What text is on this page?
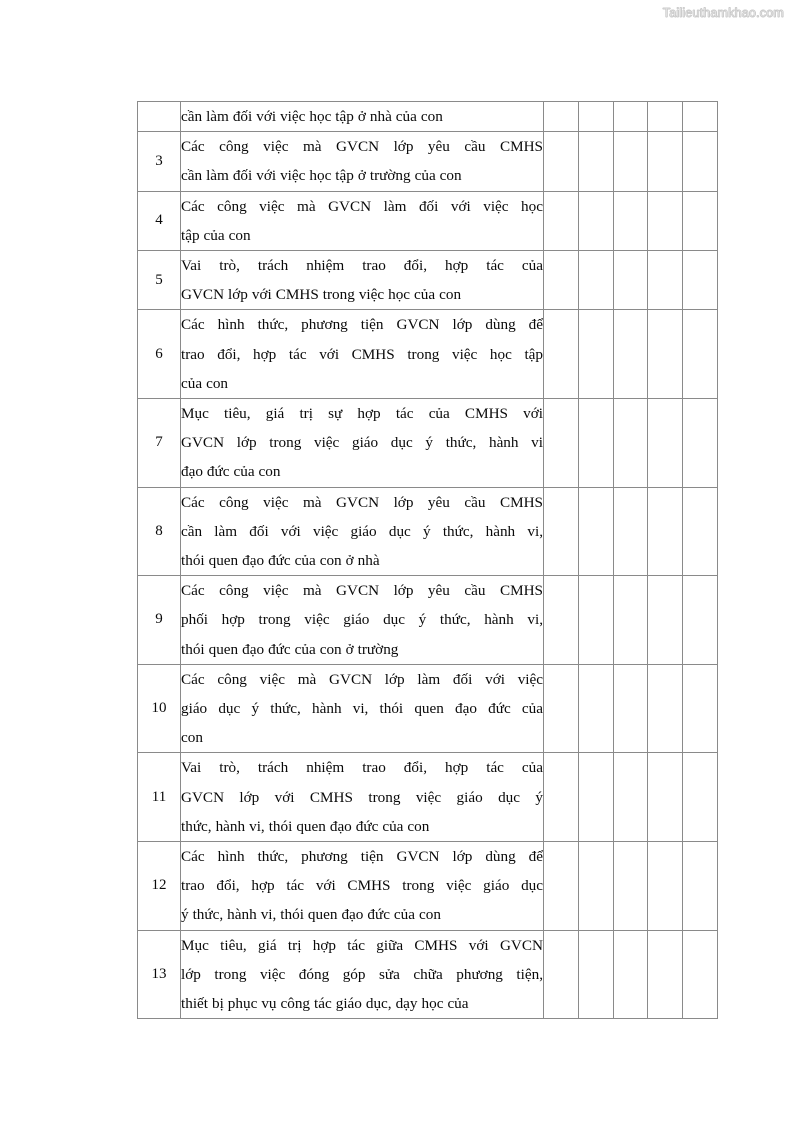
Tailieuthamkhao.com

	cần làm đối với việc học tập ở nhà của con					

3	Các công việc mà GVCN lớp yêu cầu CMHS
cần làm đối với việc học tập ở trường của con					

4	Các công việc mà GVCN làm đối với việc học
tập của con					

5	Vai trò, trách nhiệm trao đổi, hợp tác của
GVCN lớp với CMHS trong việc học của con					

6	Các hình thức, phương tiện GVCN lớp dùng để
trao đổi, hợp tác với CMHS trong việc học tập
của con					

7	Mục tiêu, giá trị sự hợp tác của CMHS với
GVCN lớp trong việc giáo dục ý thức, hành vi
đạo đức của con					

8	Các công việc mà GVCN lớp yêu cầu CMHS
cần làm đối với việc giáo dục ý thức, hành vi,
thói quen đạo đức của con ở nhà					

9	Các công việc mà GVCN lớp yêu cầu CMHS
phối hợp trong việc giáo dục ý thức, hành vi,
thói quen đạo đức của con ở trường					

10	Các công việc mà GVCN lớp làm đối với việc
giáo dục ý thức, hành vi, thói quen đạo đức của
con					

11	Vai trò, trách nhiệm trao đổi, hợp tác của
GVCN lớp với CMHS trong việc giáo dục ý
thức, hành vi, thói quen đạo đức của con					

12	Các hình thức, phương tiện GVCN lớp dùng để
trao đổi, hợp tác với CMHS trong việc giáo dục
ý thức, hành vi, thói quen đạo đức của con					

13	Mục tiêu, giá trị hợp tác giữa CMHS với GVCN
lớp trong việc đóng góp sửa chữa phương tiện,
thiết bị phục vụ công tác giáo dục, dạy học của					
